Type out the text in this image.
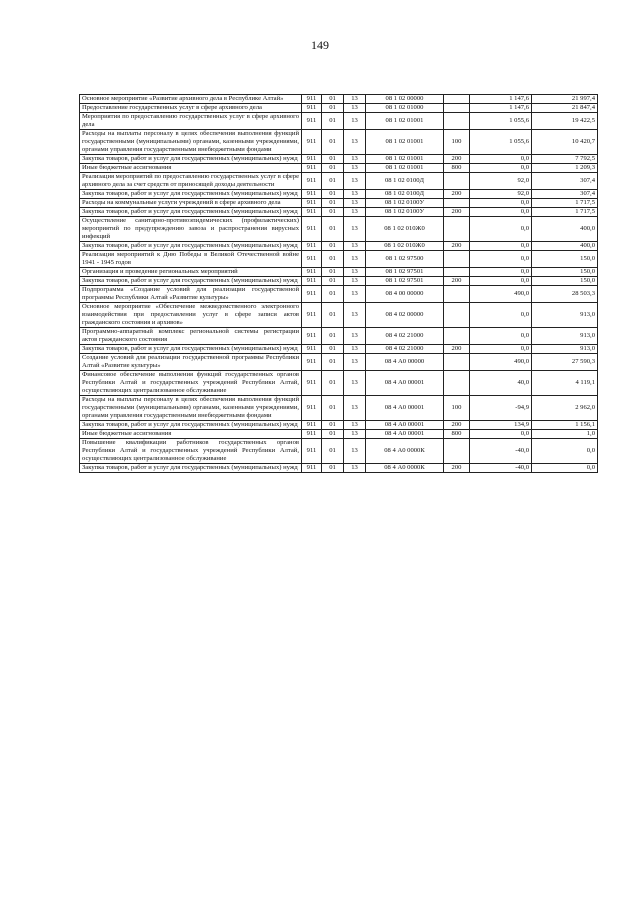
149
Основное мероприятие «Развитие архивного дела в Республике Алтай»	911	01	13	08 1 02 00000		1 147,6	21 997,4
Предоставление государственных услуг в сфере архивного дела	911	01	13	08 1 02 01000		1 147,6	21 847,4
Мероприятия по предоставлению государственных услуг в сфере архивного дела	911	01	13	08 1 02 01001		1 055,6	19 422,5
Расходы на выплаты персоналу в целях обеспечения выполнения функций государственными (муниципальными) органами, казенными учреждениями, органами управления государственными внебюджетными фондами	911	01	13	08 1 02 01001	100	1 055,6	10 420,7
Закупка товаров, работ и услуг для государственных (муниципальных) нужд	911	01	13	08 1 02 01001	200	0,0	7 792,5
Иные бюджетные ассигнования	911	01	13	08 1 02 01001	800	0,0	1 209,3
Реализация мероприятий по предоставлению государственных услуг в сфере архивного дела за счет средств от приносящей доходы деятельности	911	01	13	08 1 02 0100Д		92,0	307,4
Закупка товаров, работ и услуг для государственных (муниципальных) нужд	911	01	13	08 1 02 0100Д	200	92,0	307,4
Расходы на коммунальные услуги учреждений в сфере архивного дела	911	01	13	08 1 02 0100У		0,0	1 717,5
Закупка товаров, работ и услуг для государственных (муниципальных) нужд	911	01	13	08 1 02 0100У	200	0,0	1 717,5
Осуществление санитарно-противоэпидемических (профилактических) мероприятий по предупреждению завоза и распространения вирусных инфекций	911	01	13	08 1 02 010Ж0		0,0	400,0
Закупка товаров, работ и услуг для государственных (муниципальных) нужд	911	01	13	08 1 02 010Ж0	200	0,0	400,0
Реализация мероприятий к Дню Победы в Великой Отечественной войне 1941 - 1945 годов	911	01	13	08 1 02 97500		0,0	150,0
Организация и проведение региональных мероприятий	911	01	13	08 1 02 97501		0,0	150,0
Закупка товаров, работ и услуг для государственных (муниципальных) нужд	911	01	13	08 1 02 97501	200	0,0	150,0
Подпрограмма «Создание условий для реализации государственной программы Республики Алтай «Развитие культуры»	911	01	13	08 4 00 00000		490,0	28 503,3
Основное мероприятие «Обеспечение межведомственного электронного взаимодействия при предоставлении услуг в сфере записи актов гражданского состояния и архивов»	911	01	13	08 4 02 00000		0,0	913,0
Программно-аппаратный комплекс региональной системы регистрации актов гражданского состояния	911	01	13	08 4 02 21000		0,0	913,0
Закупка товаров, работ и услуг для государственных (муниципальных) нужд	911	01	13	08 4 02 21000	200	0,0	913,0
Создание условий для реализации государственной программы Республики Алтай «Развитие культуры»	911	01	13	08 4 А0 00000		490,0	27 590,3
Финансовое обеспечение выполнения функций государственных органов Республики Алтай и государственных учреждений Республики Алтай, осуществляющих централизованное обслуживание	911	01	13	08 4 А0 00001		40,0	4 119,1
Расходы на выплаты персоналу в целях обеспечения выполнения функций государственными (муниципальными) органами, казенными учреждениями, органами управления государственными внебюджетными фондами	911	01	13	08 4 А0 00001	100	-94,9	2 962,0
Закупка товаров, работ и услуг для государственных (муниципальных) нужд	911	01	13	08 4 А0 00001	200	134,9	1 156,1
Иные бюджетные ассигнования	911	01	13	08 4 А0 00001	800	0,0	1,0
Повышение квалификации работников государственных органов Республики Алтай и государственных учреждений Республики Алтай, осуществляющих централизованное обслуживание	911	01	13	08 4 А0 0000К		-40,0	0,0
Закупка товаров, работ и услуг для государственных (муниципальных) нужд	911	01	13	08 4 А0 0000К	200	-40,0	0,0
